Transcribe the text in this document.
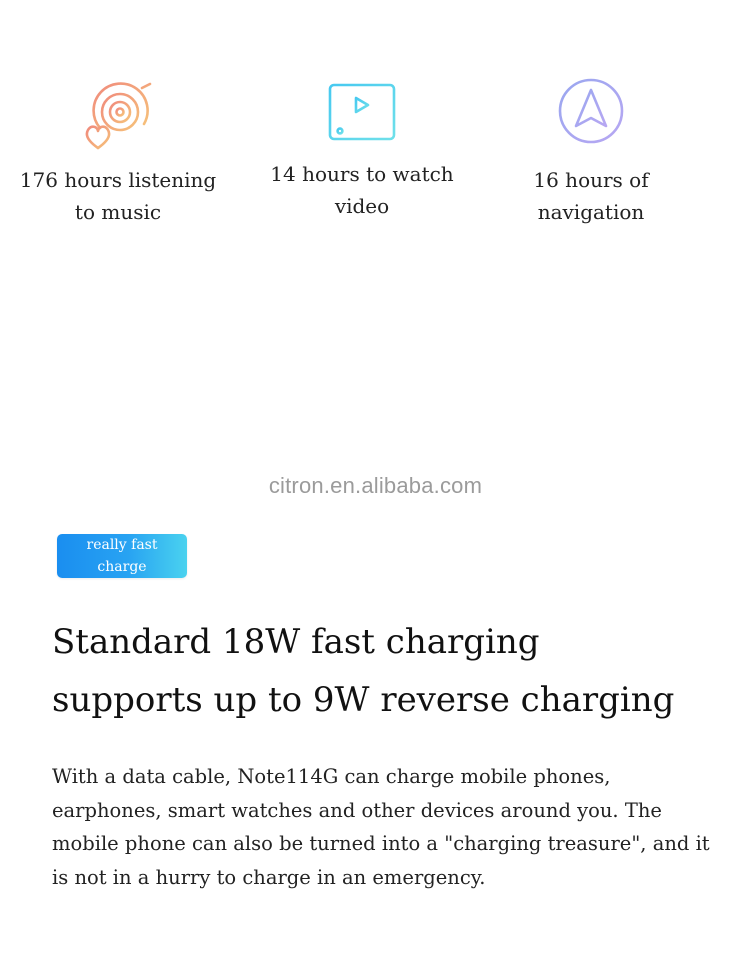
176 hours listening
to music
14 hours to watch
video
16 hours of
navigation
citron.en.alibaba.com
really fast
charge
Standard 18W fast charging
supports up to 9W reverse charging

With a data cable, Note114G can charge mobile phones, earphones, smart watches and other devices around you. The mobile phone can also be turned into a "charging treasure", and it is not in a hurry to charge in an emergency.
